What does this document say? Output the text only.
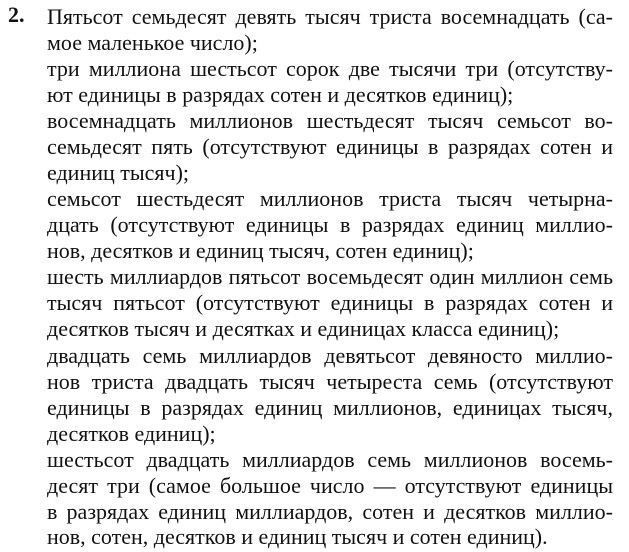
2. Пятьсот семьдесят девять тысяч триста восемнадцать (са-
мое маленькое число);
три миллиона шестьсот сорок две тысячи три (отсутству-
ют единицы в разрядах сотен и десятков единиц);
восемнадцать миллионов шестьдесят тысяч семьсот во-
семьдесят пять (отсутствуют единицы в разрядах сотен и
единиц тысяч);
семьсот шестьдесят миллионов триста тысяч четырна-
дцать (отсутствуют единицы в разрядах единиц миллио-
нов, десятков и единиц тысяч, сотен единиц);
шесть миллиардов пятьсот восемьдесят один миллион семь
тысяч пятьсот (отсутствуют единицы в разрядах сотен и
десятков тысяч и десятках и единицах класса единиц);
двадцать семь миллиардов девятьсот девяносто миллио-
нов триста двадцать тысяч четыреста семь (отсутствуют
единицы в разрядах единиц миллионов, единицах тысяч,
десятков единиц);
шестьсот двадцать миллиардов семь миллионов восемь-
десят три (самое большое число — отсутствуют единицы
в разрядах единиц миллиардов, сотен и десятков миллио-
нов, сотен, десятков и единиц тысяч и сотен единиц).
